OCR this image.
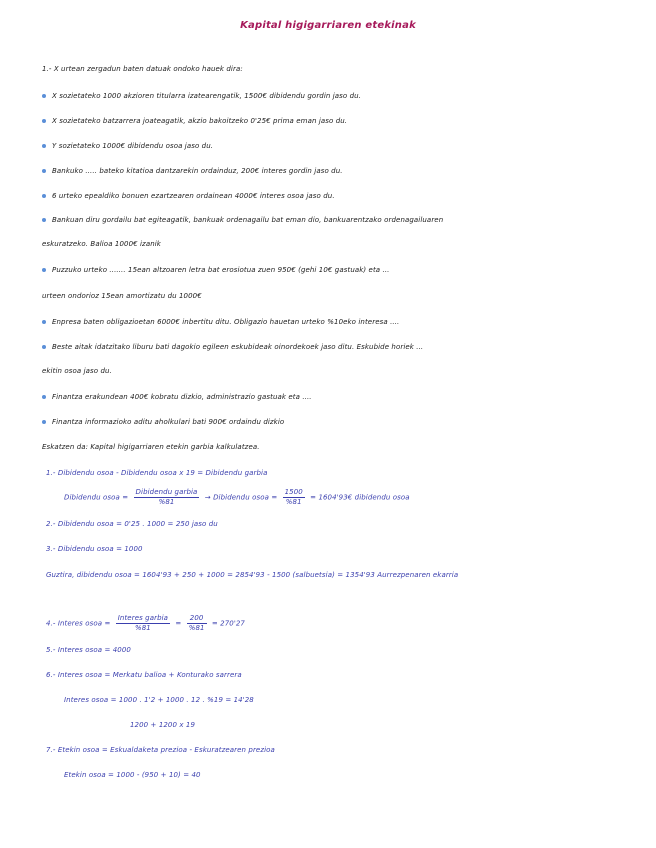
Kapital higigarriaren etekinak
1.- X urtean zergadun baten datuak ondoko hauek dira:
X sozietateko 1000 akzioren titularra izatearengatik, 1500€ dibidendu gordin jaso du.
X sozietateko batzarrera joateagatik, akzio bakoitzeko 0'25€ prima eman jaso du.
Y sozietateko 1000€ dibidendu osoa jaso du.
Bankuko ..... bateko kitatioa dantzarekin ordainduz, 200€ interes gordin jaso du.
6 urteko epealdiko bonuen ezartzearen ordainean 4000€ interes osoa jaso du.
Bankuan diru gordailu bat egiteagatik, bankuak ordenagailu bat eman dio, bankuarentzako ordenagailuaren
eskuratzeko. Balioa 1000€ izanik
Puzzuko urteko ....... 15ean altzoaren letra bat erosiotua zuen 950€ (gehi 10€ gastuak) eta ...
urteen ondorioz 15ean amortizatu du 1000€
Enpresa baten obligazioetan 6000€ inbertitu ditu. Obligazio hauetan urteko %10eko interesa ....
Beste aitak idatzitako liburu bati dagokio egileen eskubideak oinordekoek jaso ditu. Eskubide horiek ...
ekitin osoa jaso du.
Finantza erakundean 400€ kobratu dizkio, administrazio gastuak eta ....
Finantza informazioko aditu aholkulari bati 900€ ordaindu dizkio
Eskatzen da: Kapital higigarriaren etekin garbia kalkulatzea.
1.- Dibidendu osoa - Dibidendu osoa x 19 = Dibidendu garbia
Dibidendu osoa = $\frac{\text{Dibidendu garbia}}{\%81}$ → Dibidendu osoa = $\frac{1500}{\%81}$ = 1604'93€ dibidendu osoa
2.- Dibidendu osoa = 0'25 . 1000 = 250 jaso du
3.- Dibidendu osoa = 1000
Guztira, dibidendu osoa = 1604'93 + 250 + 1000 = 2854'93 - 1500 (salbuetsia) = 1354'93 Aurrezpenaren ekarria
4.- Interes osoa = $\frac{\text{Interes garbia}}{\%81} = \frac{200}{\%81} = 270'27$
5.- Interes osoa = 4000
6.- Interes osoa = Merkatu balioa + Konturako sarrera
Interes osoa = 1000 . 1'2 + 1000 . 12 . %19 = 14'28
1200 + 1200 x 19
7.- Etekin osoa = Eskualdaketa prezioa - Eskuratzearen prezioa
Etekin osoa = 1000 - (950 + 10) = 40
